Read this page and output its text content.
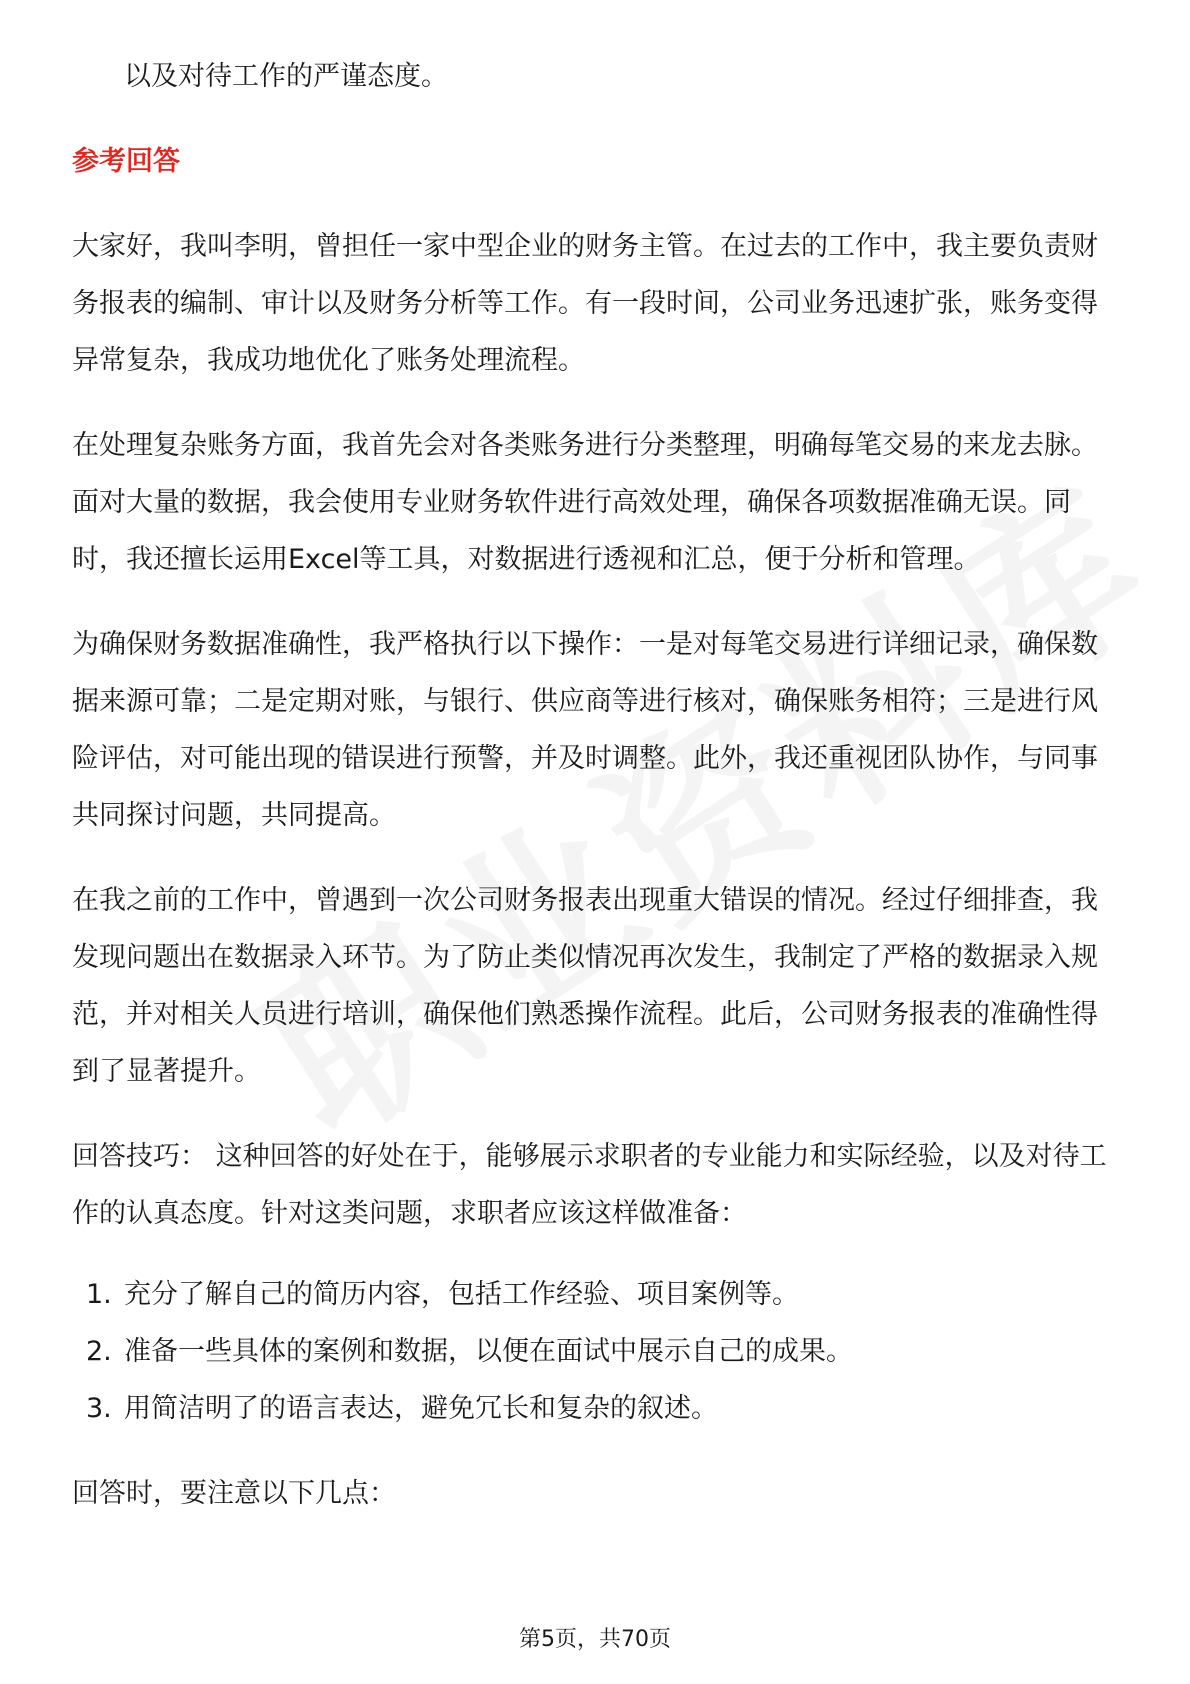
以及对待工作的严谨态度。

参考回答

大家好，我叫李明，曾担任一家中型企业的财务主管。在过去的工作中，我主要负责财务报表的编制、审计以及财务分析等工作。有一段时间，公司业务迅速扩张，账务变得异常复杂，我成功地优化了账务处理流程。

在处理复杂账务方面，我首先会对各类账务进行分类整理，明确每笔交易的来龙去脉。面对大量的数据，我会使用专业财务软件进行高效处理，确保各项数据准确无误。同时，我还擅长运用Excel等工具，对数据进行透视和汇总，便于分析和管理。

为确保财务数据准确性，我严格执行以下操作：一是对每笔交易进行详细记录，确保数据来源可靠；二是定期对账，与银行、供应商等进行核对，确保账务相符；三是进行风险评估，对可能出现的错误进行预警，并及时调整。此外，我还重视团队协作，与同事共同探讨问题，共同提高。

在我之前的工作中，曾遇到一次公司财务报表出现重大错误的情况。经过仔细排查，我发现问题出在数据录入环节。为了防止类似情况再次发生，我制定了严格的数据录入规范，并对相关人员进行培训，确保他们熟悉操作流程。此后，公司财务报表的准确性得到了显著提升。

回答技巧： 这种回答的好处在于，能够展示求职者的专业能力和实际经验，以及对待工作的认真态度。针对这类问题，求职者应该这样做准备：

1. 充分了解自己的简历内容，包括工作经验、项目案例等。
2. 准备一些具体的案例和数据，以便在面试中展示自己的成果。
3. 用简洁明了的语言表达，避免冗长和复杂的叙述。

回答时，要注意以下几点：

第5页，共70页
